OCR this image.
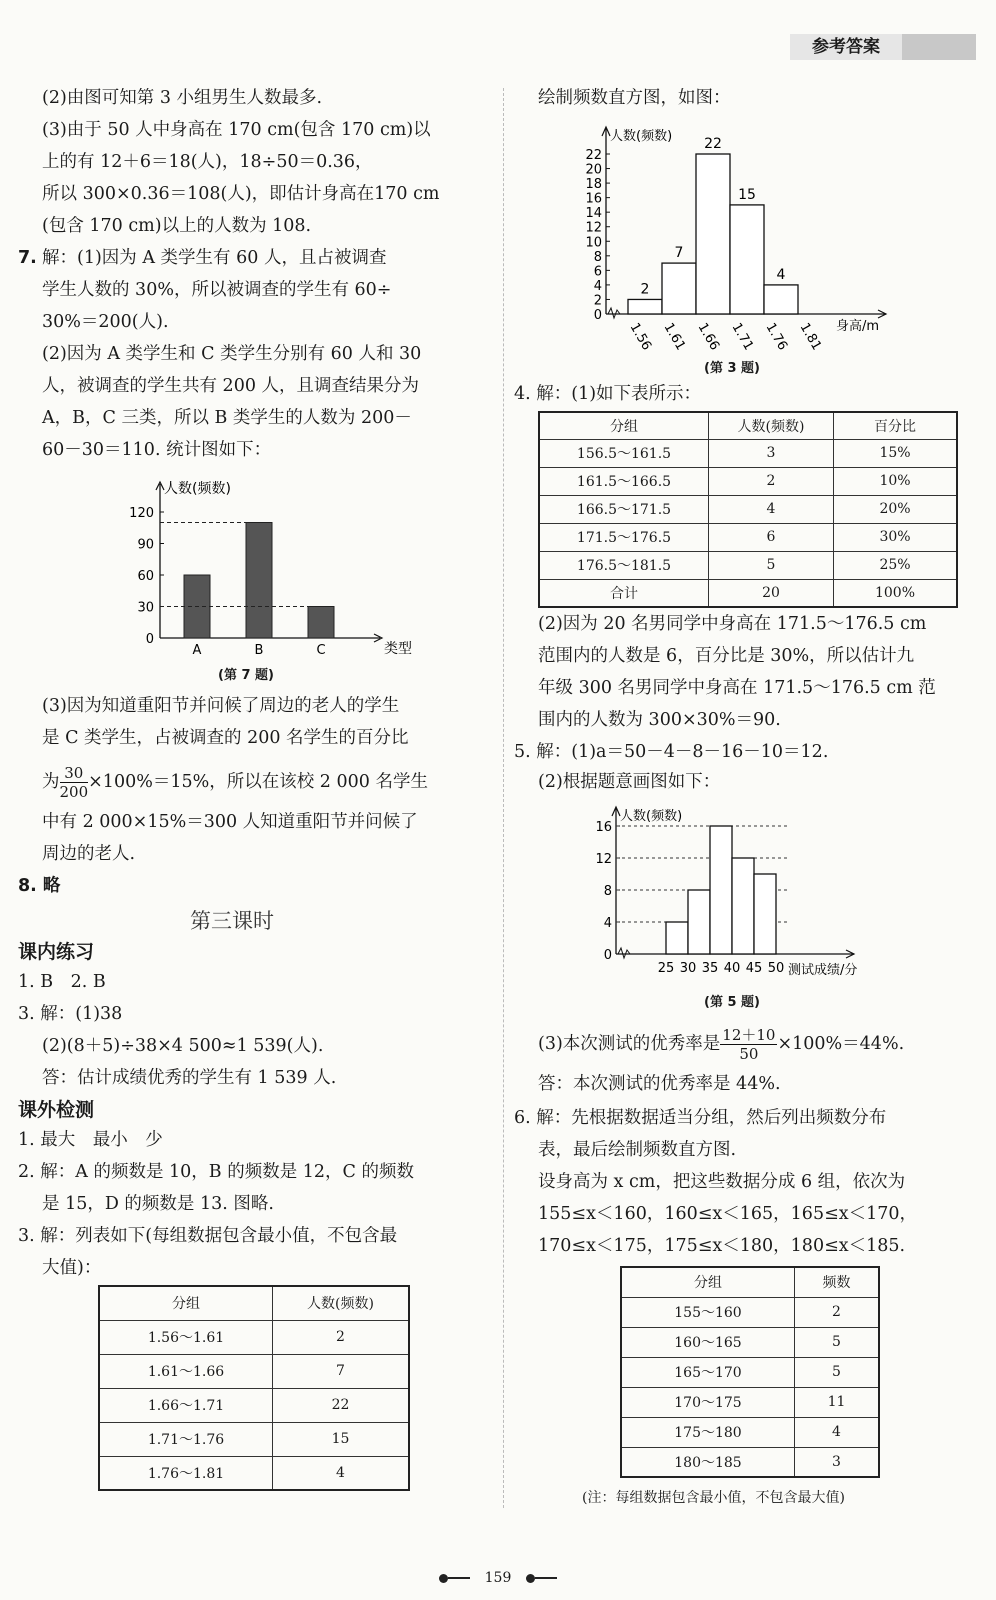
参考答案
(2)由图可知第 3 小组男生人数最多.
(3)由于 50 人中身高在 170 cm(包含 170 cm)以
上的有 12＋6＝18(人)，18÷50＝0.36，
所以 300×0.36＝108(人)，即估计身高在170 cm
(包含 170 cm)以上的人数为 108.
7. 解：(1)因为 A 类学生有 60 人，且占被调查
学生人数的 30%，所以被调查的学生有 60÷
30%＝200(人).
(2)因为 A 类学生和 C 类学生分别有 60 人和 30
人，被调查的学生共有 200 人，且调查结果分为
A，B，C 三类，所以 B 类学生的人数为 200－
60－30＝110. 统计图如下：
人数(频数)
类型
0
30
60
90
120
A	B	C
(第 7 题)
(3)因为知道重阳节并问候了周边的老人的学生
是 C 类学生，占被调查的 200 名学生的百分比
为 $\frac{30}{200} \times 100\%=15\%$，所以在该校 2 000 名学生
中有 2 000×15%＝300 人知道重阳节并问候了
周边的老人.
8. 略
第三课时
课内练习
1. B　2. B
3. 解：(1)38
(2)(8＋5)÷38×4 500≈1 539(人).
答：估计成绩优秀的学生有 1 539 人.
课外检测
1. 最大　最小　少
2. 解：A 的频数是 10，B 的频数是 12，C 的频数
是 15，D 的频数是 13. 图略.
3. 解：列表如下(每组数据包含最小值，不包含最
大值)：
分组	人数(频数)
1.56～1.61	2
1.61～1.66	7
1.66～1.71	22
1.71～1.76	15
1.76～1.81	4
绘制频数直方图，如图：
人数(频数)
身高/m
0
2
4
6
8
10
12
14
16
18
20
22
2
7
22
15
4
1.56 1.61 1.66 1.71 1.76 1.81
(第 3 题)
4. 解：(1)如下表所示：
分组	人数(频数)	百分比
156.5～161.5	3	15%
161.5～166.5	2	10%
166.5～171.5	4	20%
171.5～176.5	6	30%
176.5～181.5	5	25%
合计	20	100%
(2)因为 20 名男同学中身高在 171.5～176.5 cm
范围内的人数是 6，百分比是 30%，所以估计九
年级 300 名男同学中身高在 171.5～176.5 cm 范
围内的人数为 300×30%＝90.
5. 解：(1)a＝50－4－8－16－10＝12.
(2)根据题意画图如下：
人数(频数)
测试成绩/分
0
4
8
12
16
25 30 35 40 45 50
(第 5 题)
(3)本次测试的优秀率是 $\frac{12+10}{50} \times 100\%=44\%$.
答：本次测试的优秀率是 44%.
6. 解：先根据数据适当分组，然后列出频数分布
表，最后绘制频数直方图.
设身高为 x cm，把这些数据分成 6 组，依次为
155≤x＜160，160≤x＜165，165≤x＜170，
170≤x＜175，175≤x＜180，180≤x＜185.
分组	频数
155～160	2
160～165	5
165～170	5
170～175	11
175～180	4
180～185	3
(注：每组数据包含最小值，不包含最大值)
159
